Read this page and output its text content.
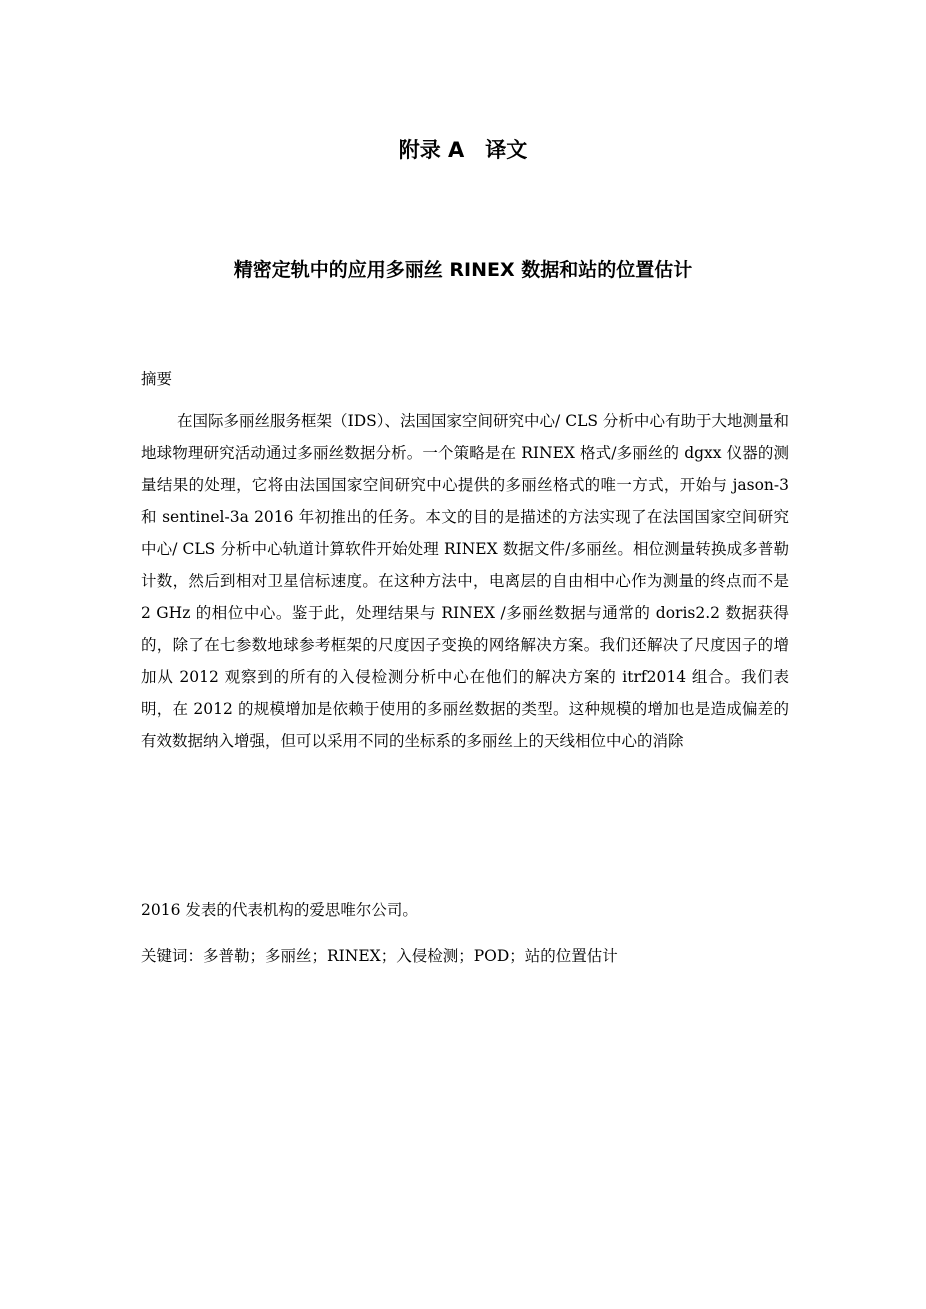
附录 A　译文
精密定轨中的应用多丽丝 RINEX 数据和站的位置估计
摘要

在国际多丽丝服务框架（IDS）、法国国家空间研究中心/ CLS 分析中心有助于大地测量和地球物理研究活动通过多丽丝数据分析。一个策略是在 RINEX 格式/多丽丝的 dgxx 仪器的测量结果的处理，它将由法国国家空间研究中心提供的多丽丝格式的唯一方式，开始与 jason-3 和 sentinel-3a 2016 年初推出的任务。本文的目的是描述的方法实现了在法国国家空间研究中心/ CLS 分析中心轨道计算软件开始处理 RINEX 数据文件/多丽丝。相位测量转换成多普勒计数，然后到相对卫星信标速度。在这种方法中，电离层的自由相中心作为测量的终点而不是 2 GHz 的相位中心。鉴于此，处理结果与 RINEX /多丽丝数据与通常的 doris2.2 数据获得的，除了在七参数地球参考框架的尺度因子变换的网络解决方案。我们还解决了尺度因子的增加从 2012 观察到的所有的入侵检测分析中心在他们的解决方案的 itrf2014 组合。我们表明，在 2012 的规模增加是依赖于使用的多丽丝数据的类型。这种规模的增加也是造成偏差的有效数据纳入增强，但可以采用不同的坐标系的多丽丝上的天线相位中心的消除

2016 发表的代表机构的爱思唯尔公司。
关键词：多普勒；多丽丝；RINEX；入侵检测；POD；站的位置估计
